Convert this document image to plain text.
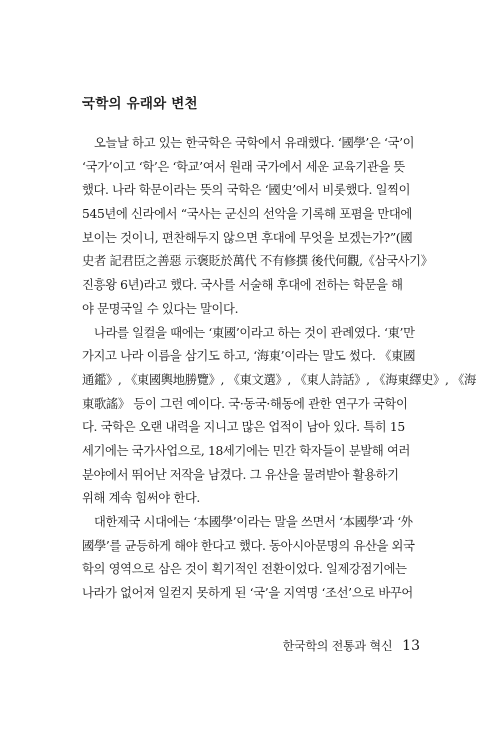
국학의 유래와 변천
　오늘날 하고 있는 한국학은 국학에서 유래했다. ‘國學’은 ‘국’이
‘국가’이고 ‘학’은 ‘학교’여서 원래 국가에서 세운 교육기관을 뜻
했다. 나라 학문이라는 뜻의 국학은 ‘國史’에서 비롯했다. 일찍이
545년에 신라에서 “국사는 군신의 선악을 기록해 포폄을 만대에
보이는 것이니, 편찬해두지 않으면 후대에 무엇을 보겠는가?”(國
史者 記君臣之善惡 示褒貶於萬代 不有修撰 後代何觀,《삼국사기》
진흥왕 6년)라고 했다. 국사를 서술해 후대에 전하는 학문을 해
야 문명국일 수 있다는 말이다.
　나라를 일컬을 때에는 ‘東國’이라고 하는 것이 관례였다. ‘東’만
가지고 나라 이름을 삼기도 하고, ‘海東’이라는 말도 썼다. 《東國
通鑑》, 《東國輿地勝覽》, 《東文選》, 《東人詩話》, 《海東繹史》, 《海
東歌謠》 등이 그런 예이다. 국·동국·해동에 관한 연구가 국학이
다. 국학은 오랜 내력을 지니고 많은 업적이 남아 있다. 특히 15
세기에는 국가사업으로, 18세기에는 민간 학자들이 분발해 여러
분야에서 뛰어난 저작을 남겼다. 그 유산을 물려받아 활용하기
위해 계속 힘써야 한다.
　대한제국 시대에는 ‘本國學’이라는 말을 쓰면서 ‘本國學’과 ‘外
國學’를 균등하게 해야 한다고 했다. 동아시아문명의 유산을 외국
학의 영역으로 삼은 것이 획기적인 전환이었다. 일제강점기에는
나라가 없어져 일컫지 못하게 된 ‘국’을 지역명 ‘조선’으로 바꾸어
한국학의 전통과 혁신 13
